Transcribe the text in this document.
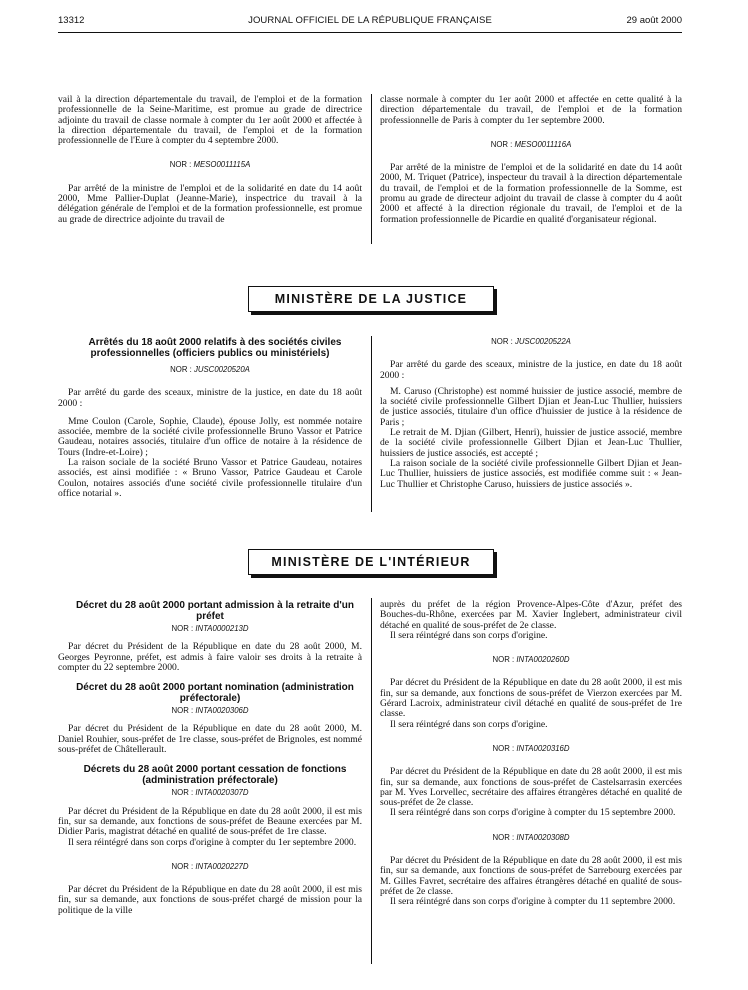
13312	JOURNAL OFFICIEL DE LA RÉPUBLIQUE FRANÇAISE	29 août 2000

vail à la direction départementale du travail, de l'emploi et de la formation professionnelle de la Seine-Maritime, est promue au grade de directrice adjointe du travail de classe normale à compter du 1er août 2000 et affectée à la direction départementale du travail, de l'emploi et de la formation professionnelle de l'Eure à compter du 4 septembre 2000.

NOR : MESO0011115A

Par arrêté de la ministre de l'emploi et de la solidarité en date du 14 août 2000, Mme Pallier-Duplat (Jeanne-Marie), inspectrice du travail à la délégation générale de l'emploi et de la formation professionnelle, est promue au grade de directrice adjointe du travail de

classe normale à compter du 1er août 2000 et affectée en cette qualité à la direction départementale du travail, de l'emploi et de la formation professionnelle de Paris à compter du 1er septembre 2000.

NOR : MESO0011116A

Par arrêté de la ministre de l'emploi et de la solidarité en date du 14 août 2000, M. Triquet (Patrice), inspecteur du travail à la direction départementale du travail, de l'emploi et de la formation professionnelle de la Somme, est promu au grade de directeur adjoint du travail de classe à compter du 4 août 2000 et affecté à la direction régionale du travail, de l'emploi et de la formation professionnelle de Picardie en qualité d'organisateur régional.

MINISTÈRE DE LA JUSTICE

Arrêtés du 18 août 2000 relatifs à des sociétés civiles professionnelles (officiers publics ou ministériels)

NOR : JUSC0020520A

Par arrêté du garde des sceaux, ministre de la justice, en date du 18 août 2000 :

Mme Coulon (Carole, Sophie, Claude), épouse Jolly, est nommée notaire associée, membre de la société civile professionnelle Bruno Vassor et Patrice Gaudeau, notaires associés, titulaire d'un office de notaire à la résidence de Tours (Indre-et-Loire) ;

La raison sociale de la société Bruno Vassor et Patrice Gaudeau, notaires associés, est ainsi modifiée : « Bruno Vassor, Patrice Gaudeau et Carole Coulon, notaires associés d'une société civile professionnelle titulaire d'un office notarial ».

NOR : JUSC0020522A

Par arrêté du garde des sceaux, ministre de la justice, en date du 18 août 2000 :

M. Caruso (Christophe) est nommé huissier de justice associé, membre de la société civile professionnelle Gilbert Djian et Jean-Luc Thullier, huissiers de justice associés, titulaire d'un office d'huissier de justice à la résidence de Paris ;

Le retrait de M. Djian (Gilbert, Henri), huissier de justice associé, membre de la société civile professionnelle Gilbert Djian et Jean-Luc Thullier, huissiers de justice associés, est accepté ;

La raison sociale de la société civile professionnelle Gilbert Djian et Jean-Luc Thullier, huissiers de justice associés, est modifiée comme suit : « Jean-Luc Thullier et Christophe Caruso, huissiers de justice associés ».

MINISTÈRE DE L'INTÉRIEUR

Décret du 28 août 2000 portant admission à la retraite d'un préfet

NOR : INTA0000213D

Par décret du Président de la République en date du 28 août 2000, M. Georges Peyronne, préfet, est admis à faire valoir ses droits à la retraite à compter du 22 septembre 2000.

Décret du 28 août 2000 portant nomination (administration préfectorale)

NOR : INTA0020306D

Par décret du Président de la République en date du 28 août 2000, M. Daniel Rouhier, sous-préfet de 1re classe, sous-préfet de Brignoles, est nommé sous-préfet de Châtellerault.

Décrets du 28 août 2000 portant cessation de fonctions (administration préfectorale)

NOR : INTA0020307D

Par décret du Président de la République en date du 28 août 2000, il est mis fin, sur sa demande, aux fonctions de sous-préfet de Beaune exercées par M. Didier Paris, magistrat détaché en qualité de sous-préfet de 1re classe.

Il sera réintégré dans son corps d'origine à compter du 1er septembre 2000.

NOR : INTA0020227D

Par décret du Président de la République en date du 28 août 2000, il est mis fin, sur sa demande, aux fonctions de sous-préfet chargé de mission pour la politique de la ville

auprès du préfet de la région Provence-Alpes-Côte d'Azur, préfet des Bouches-du-Rhône, exercées par M. Xavier Inglebert, administrateur civil détaché en qualité de sous-préfet de 2e classe.

Il sera réintégré dans son corps d'origine.

NOR : INTA0020260D

Par décret du Président de la République en date du 28 août 2000, il est mis fin, sur sa demande, aux fonctions de sous-préfet de Vierzon exercées par M. Gérard Lacroix, administrateur civil détaché en qualité de sous-préfet de 1re classe.

Il sera réintégré dans son corps d'origine.

NOR : INTA0020316D

Par décret du Président de la République en date du 28 août 2000, il est mis fin, sur sa demande, aux fonctions de sous-préfet de Castelsarrasin exercées par M. Yves Lorvellec, secrétaire des affaires étrangères détaché en qualité de sous-préfet de 2e classe.

Il sera réintégré dans son corps d'origine à compter du 15 septembre 2000.

NOR : INTA0020308D

Par décret du Président de la République en date du 28 août 2000, il est mis fin, sur sa demande, aux fonctions de sous-préfet de Sarrebourg exercées par M. Gilles Favret, secrétaire des affaires étrangères détaché en qualité de sous-préfet de 2e classe.

Il sera réintégré dans son corps d'origine à compter du 11 septembre 2000.
